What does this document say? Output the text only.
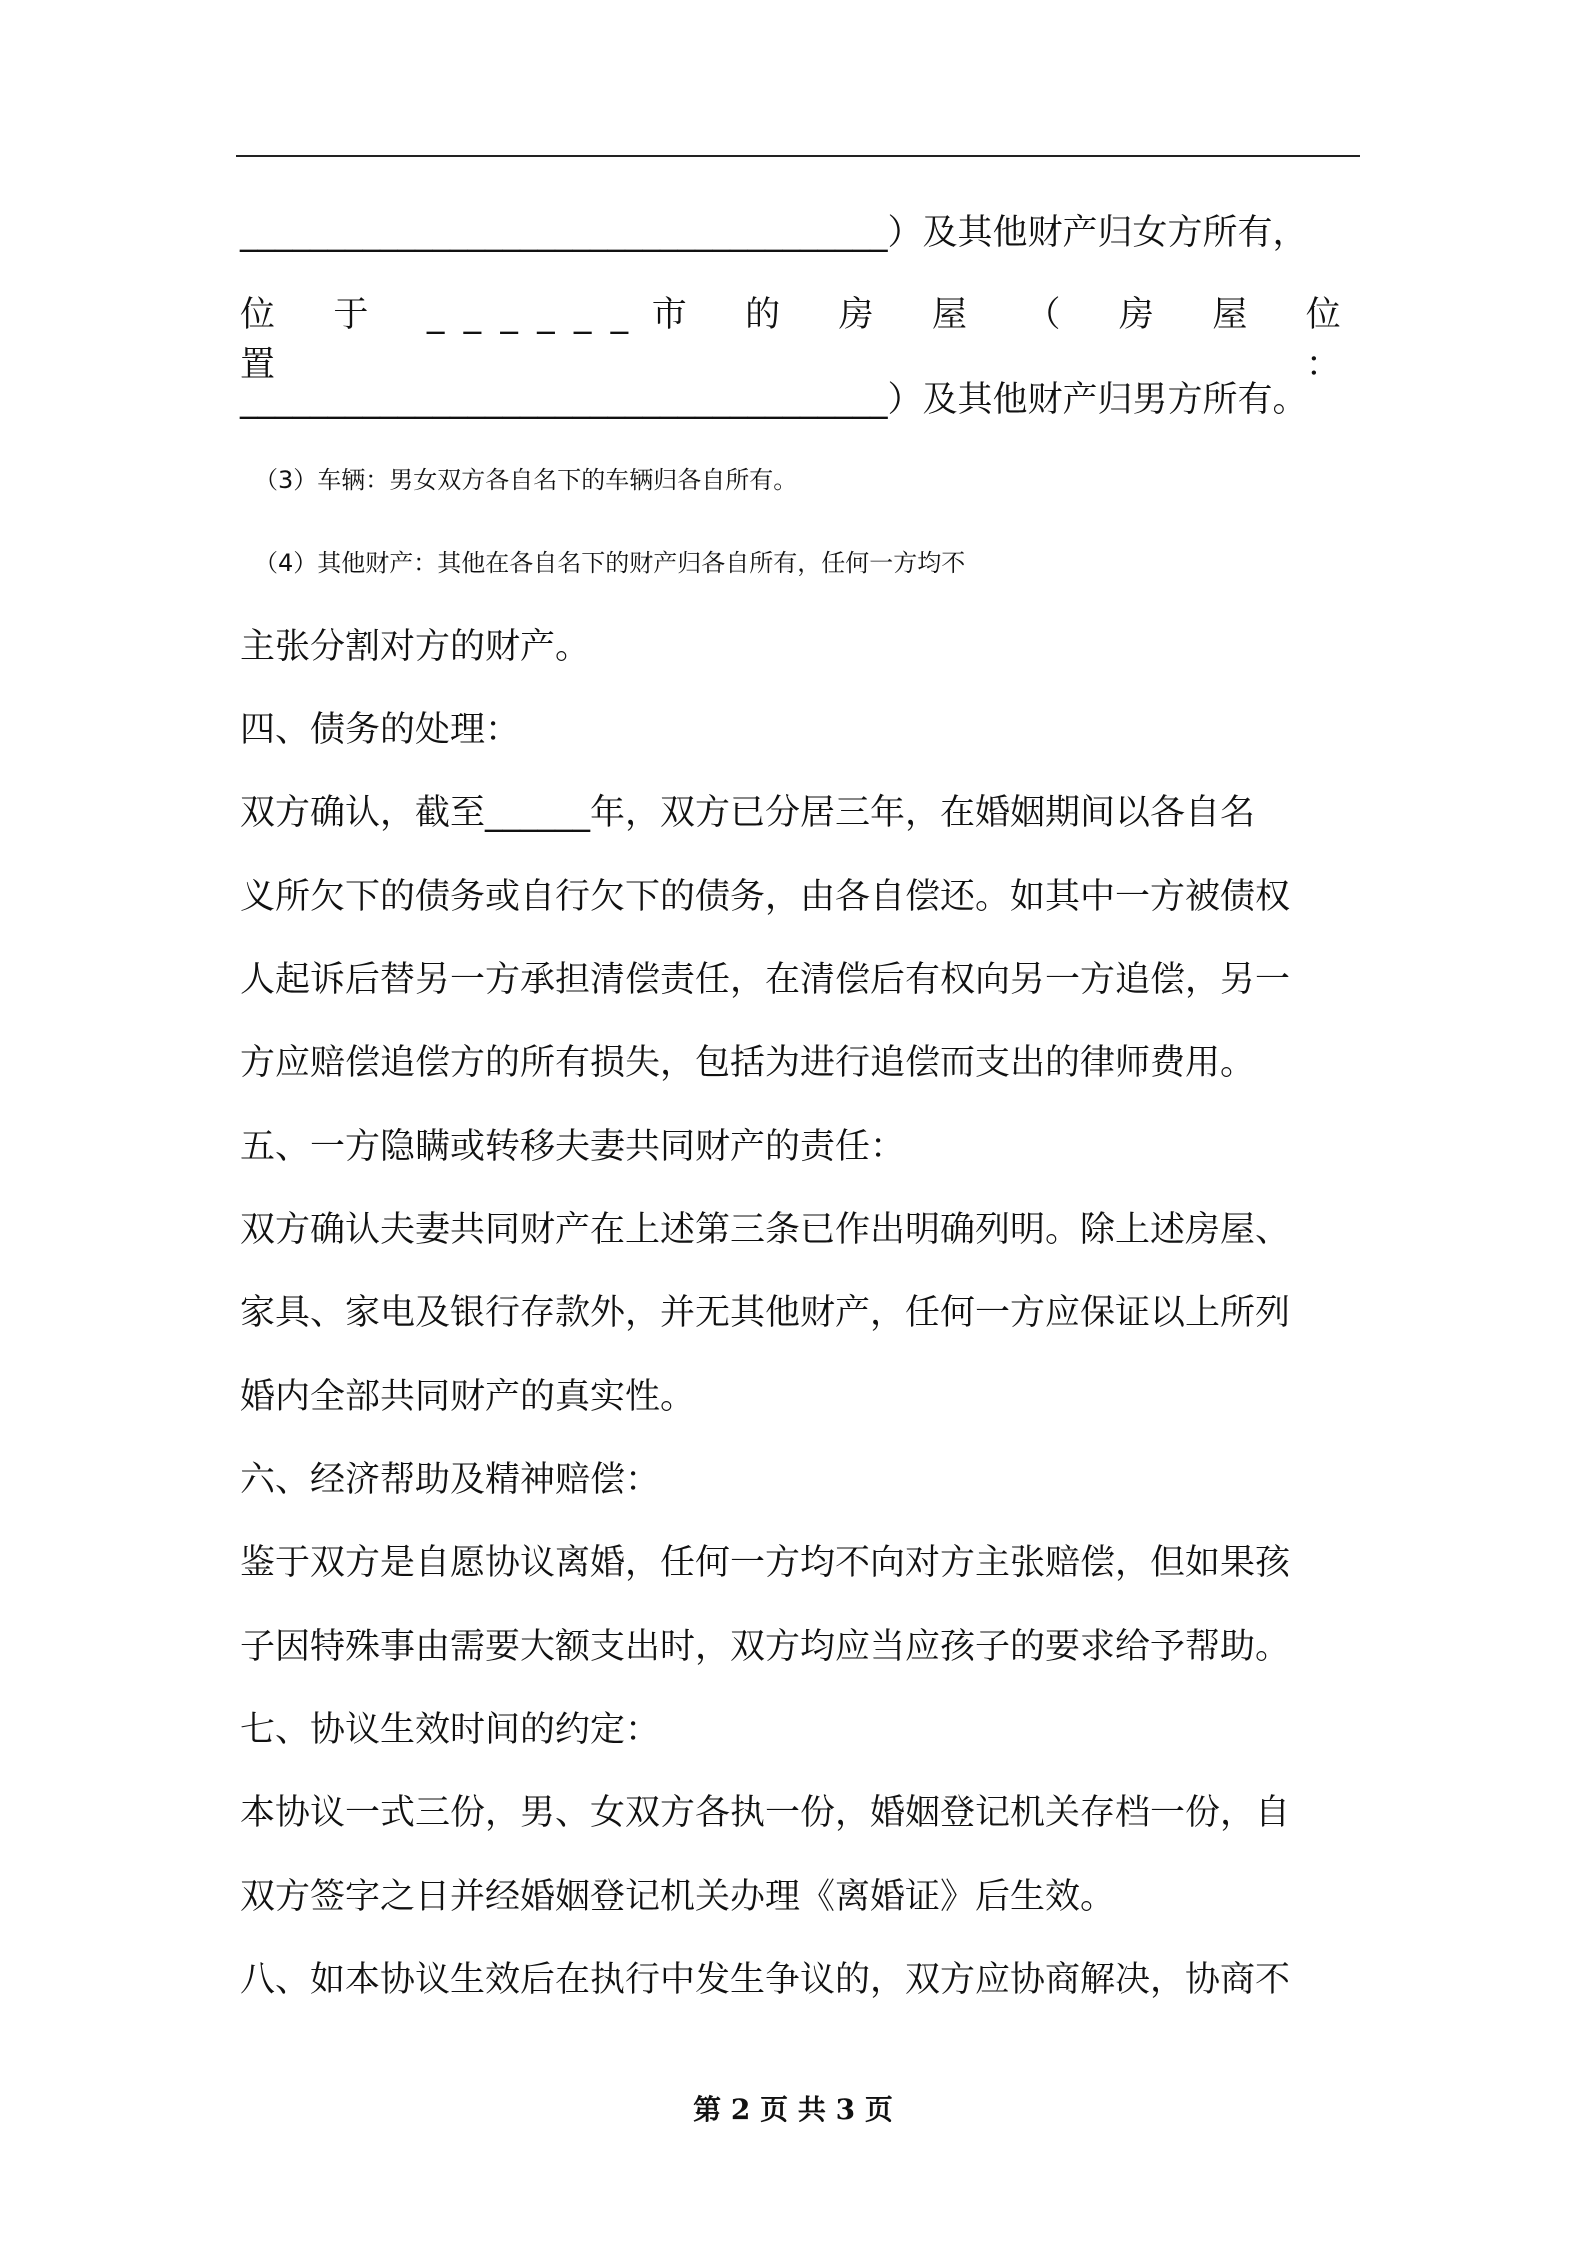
_____________________________________）及其他财产归女方所有，
位 于 ______市 的 房 屋 （ 房 屋 位 置 ：
_____________________________________）及其他财产归男方所有。
（3）车辆：男女双方各自名下的车辆归各自所有。
（4）其他财产：其他在各自名下的财产归各自所有，任何一方均不
主张分割对方的财产。
四、债务的处理：
双方确认，截至______年，双方已分居三年，在婚姻期间以各自名
义所欠下的债务或自行欠下的债务，由各自偿还。如其中一方被债权
人起诉后替另一方承担清偿责任，在清偿后有权向另一方追偿，另一
方应赔偿追偿方的所有损失，包括为进行追偿而支出的律师费用。
五、一方隐瞒或转移夫妻共同财产的责任：
双方确认夫妻共同财产在上述第三条已作出明确列明。除上述房屋、
家具、家电及银行存款外，并无其他财产，任何一方应保证以上所列
婚内全部共同财产的真实性。
六、经济帮助及精神赔偿：
鉴于双方是自愿协议离婚，任何一方均不向对方主张赔偿，但如果孩
子因特殊事由需要大额支出时，双方均应当应孩子的要求给予帮助。
七、协议生效时间的约定：
本协议一式三份，男、女双方各执一份，婚姻登记机关存档一份，自
双方签字之日并经婚姻登记机关办理《离婚证》后生效。
八、如本协议生效后在执行中发生争议的，双方应协商解决，协商不
第 2 页 共 3 页
